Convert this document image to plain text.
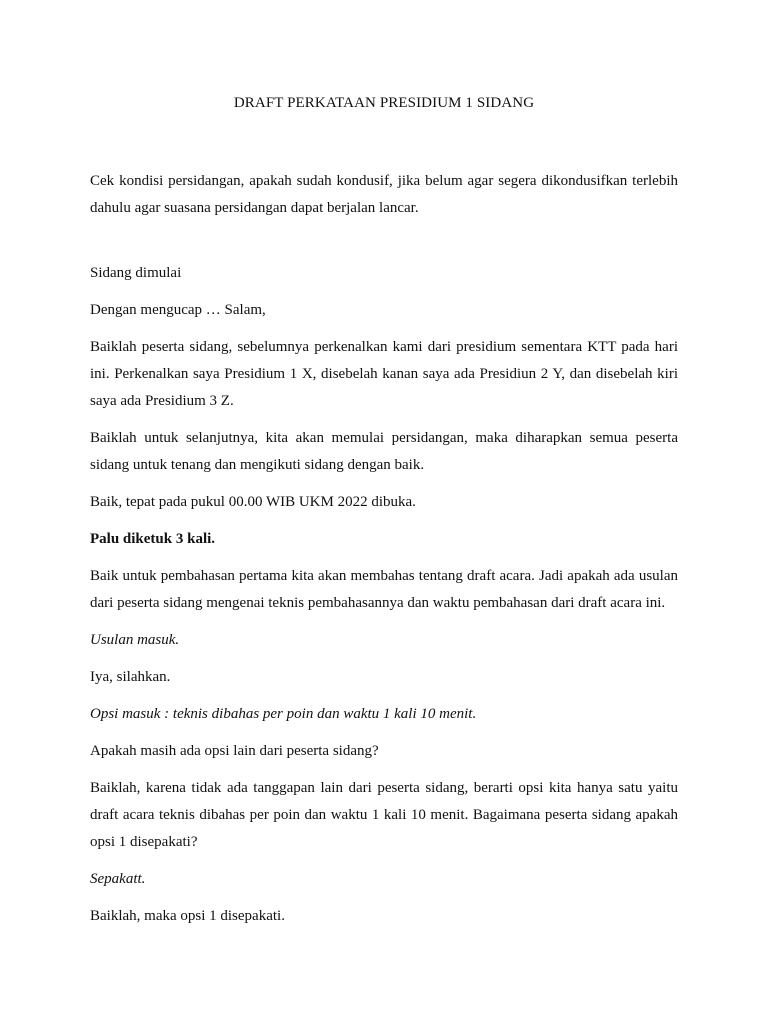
DRAFT PERKATAAN PRESIDIUM 1 SIDANG

Cek kondisi persidangan, apakah sudah kondusif, jika belum agar segera dikondusifkan terlebih dahulu agar suasana persidangan dapat berjalan lancar.

Sidang dimulai

Dengan mengucap … Salam,

Baiklah peserta sidang, sebelumnya perkenalkan kami dari presidium sementara KTT pada hari ini. Perkenalkan saya Presidium 1 X, disebelah kanan saya ada Presidiun 2 Y, dan disebelah kiri saya ada Presidium 3 Z.

Baiklah untuk selanjutnya, kita akan memulai persidangan, maka diharapkan semua peserta sidang untuk tenang dan mengikuti sidang dengan baik.

Baik, tepat pada pukul 00.00 WIB UKM 2022 dibuka.

Palu diketuk 3 kali.

Baik untuk pembahasan pertama kita akan membahas tentang draft acara. Jadi apakah ada usulan dari peserta sidang mengenai teknis pembahasannya dan waktu pembahasan dari draft acara ini.

Usulan masuk.

Iya, silahkan.

Opsi masuk : teknis dibahas per poin dan waktu 1 kali 10 menit.

Apakah masih ada opsi lain dari peserta sidang?

Baiklah, karena tidak ada tanggapan lain dari peserta sidang, berarti opsi kita hanya satu yaitu draft acara teknis dibahas per poin dan waktu 1 kali 10 menit. Bagaimana peserta sidang apakah opsi 1 disepakati?

Sepakatt.

Baiklah, maka opsi 1 disepakati.
